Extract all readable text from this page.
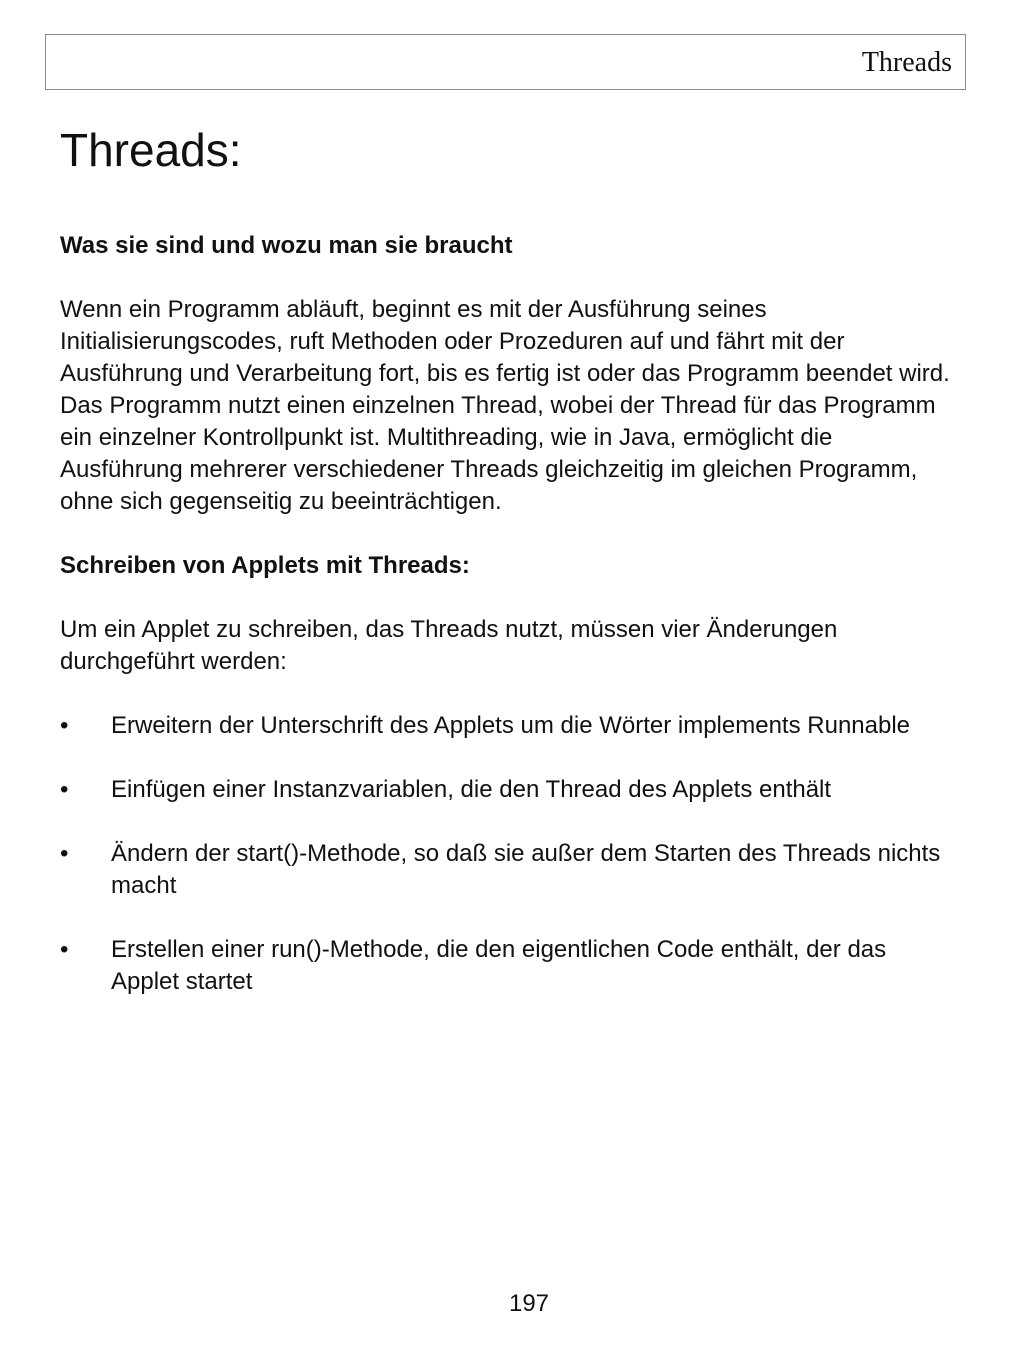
Threads
Threads:

Was sie sind und wozu man sie braucht

Wenn ein Programm abläuft, beginnt es mit der Ausführung seines Initialisierungscodes, ruft Methoden oder Prozeduren auf und fährt mit der Ausführung und Verarbeitung fort, bis es fertig ist oder das Programm beendet wird. Das Programm nutzt einen einzelnen Thread, wobei der Thread für das Programm ein einzelner Kontrollpunkt ist. Multithreading, wie in Java, ermöglicht die Ausführung mehrerer verschiedener Threads gleichzeitig im gleichen Programm, ohne sich gegenseitig zu beeinträchtigen.

Schreiben von Applets mit Threads:

Um ein Applet zu schreiben, das Threads nutzt, müssen vier Änderungen durchgeführt werden:

•	Erweitern der Unterschrift des Applets um die Wörter implements Runnable
•	Einfügen einer Instanzvariablen, die den Thread des Applets enthält
•	Ändern der start()-Methode, so daß sie außer dem Starten des Threads nichts macht
•	Erstellen einer run()-Methode, die den eigentlichen Code enthält, der das Applet startet
197
